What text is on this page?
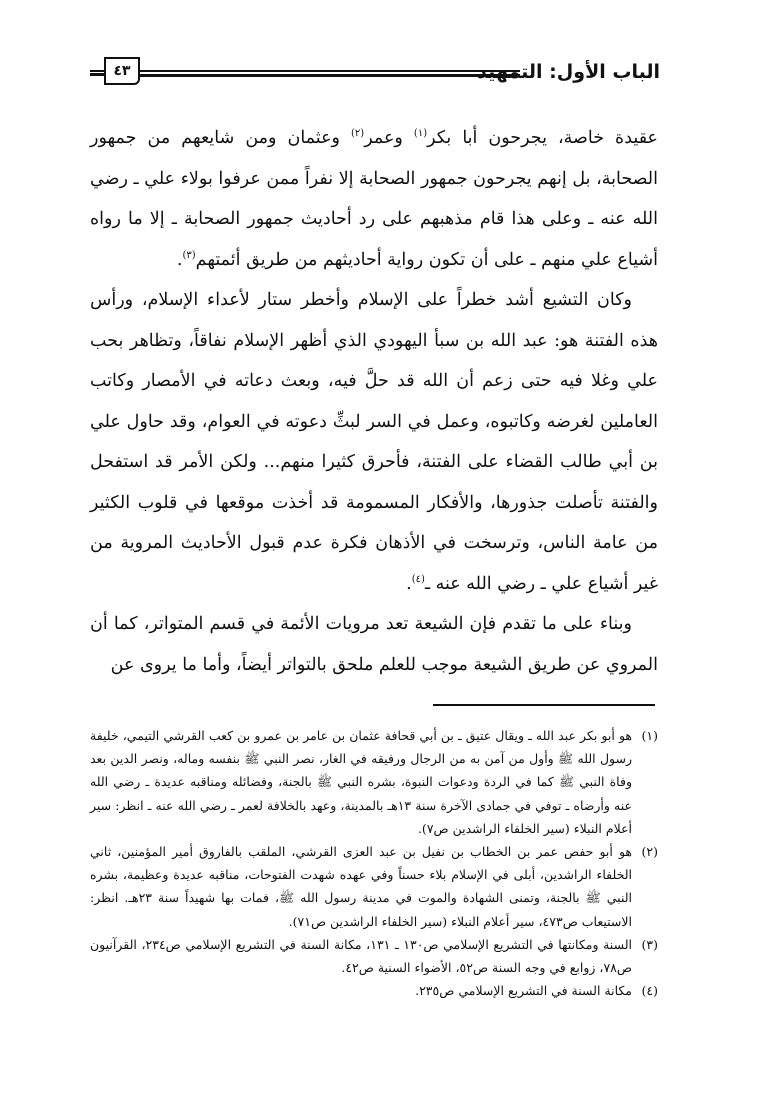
٤٣	الباب الأول: التمهيد

عقيدة خاصة، يجرحون أبا بكر$^{(١)}$ وعمر$^{(٢)}$ وعثمان ومن شايعهم من جمهور الصحابة، بل إنهم يجرحون جمهور الصحابة إلا نفراً ممن عرفوا بولاء علي ـ رضي الله عنه ـ وعلى هذا قام مذهبهم على رد أحاديث جمهور الصحابة ـ إلا ما رواه أشياع علي منهم ـ على أن تكون رواية أحاديثهم من طريق أئمتهم$^{(٣)}$.

وكان التشيع أشد خطراً على الإسلام وأخطر ستار لأعداء الإسلام، ورأس هذه الفتنة هو: عبد الله بن سبأ اليهودي الذي أظهر الإسلام نفاقاً، وتظاهر بحب علي وغلا فيه حتى زعم أن الله قد حلَّ فيه، وبعث دعاته في الأمصار وكاتب العاملين لغرضه وكاتبوه، وعمل في السر لبثِّ دعوته في العوام، وقد حاول علي بن أبي طالب القضاء على الفتنة، فأحرق كثيرا منهم... ولكن الأمر قد استفحل والفتنة تأصلت جذورها، والأفكار المسمومة قد أخذت موقعها في قلوب الكثير من عامة الناس، وترسخت في الأذهان فكرة عدم قبول الأحاديث المروية من غير أشياع علي ـ رضي الله عنه ـ$^{(٤)}$.

وبناء على ما تقدم فإن الشيعة تعد مرويات الأئمة في قسم المتواتر، كما أن المروي عن طريق الشيعة موجب للعلم ملحق بالتواتر أيضاً، وأما ما يروى عن

(١)هو أبو بكر عبد الله ـ ويقال عتيق ـ بن أبي قحافة عثمان بن عامر بن عمرو بن كعب القرشي التيمي، خليفة رسول الله ﷺ وأول من آمن به من الرجال ورفيقه في الغار، نصر النبي ﷺ بنفسه وماله، ونصر الدين بعد وفاة النبي ﷺ كما في الردة ودعوات النبوة، بشره النبي ﷺ بالجنة، وفضائله ومناقبه عديدة ـ رضي الله عنه وأرضاه ـ توفي في جمادى الآخرة سنة ١٣هـ بالمدينة، وعهد بالخلافة لعمر ـ رضي الله عنه ـ انظر: سير أعلام النبلاء (سير الخلفاء الراشدين ص٧).

(٢)هو أبو حفص عمر بن الخطاب بن نفيل بن عبد العزى القرشي، الملقب بالفاروق أمير المؤمنين، ثاني الخلفاء الراشدين، أبلى في الإسلام بلاء حسناً وفي عهده شهدت الفتوحات، مناقبه عديدة وعظيمة، بشره النبي ﷺ بالجنة، وتمنى الشهادة والموت في مدينة رسول الله ﷺ، فمات بها شهيداً سنة ٢٣هـ. انظر: الاستيعاب ص٤٧٣، سير أعلام النبلاء (سير الخلفاء الراشدين ص٧١).

(٣)السنة ومكانتها في التشريع الإسلامي ص١٣٠ ـ ١٣١، مكانة السنة في التشريع الإسلامي ص٢٣٤، القرآنيون ص٧٨، زوابع في وجه السنة ص٥٢، الأضواء السنية ص٤٢.

(٤)مكانة السنة في التشريع الإسلامي ص٢٣٥.
